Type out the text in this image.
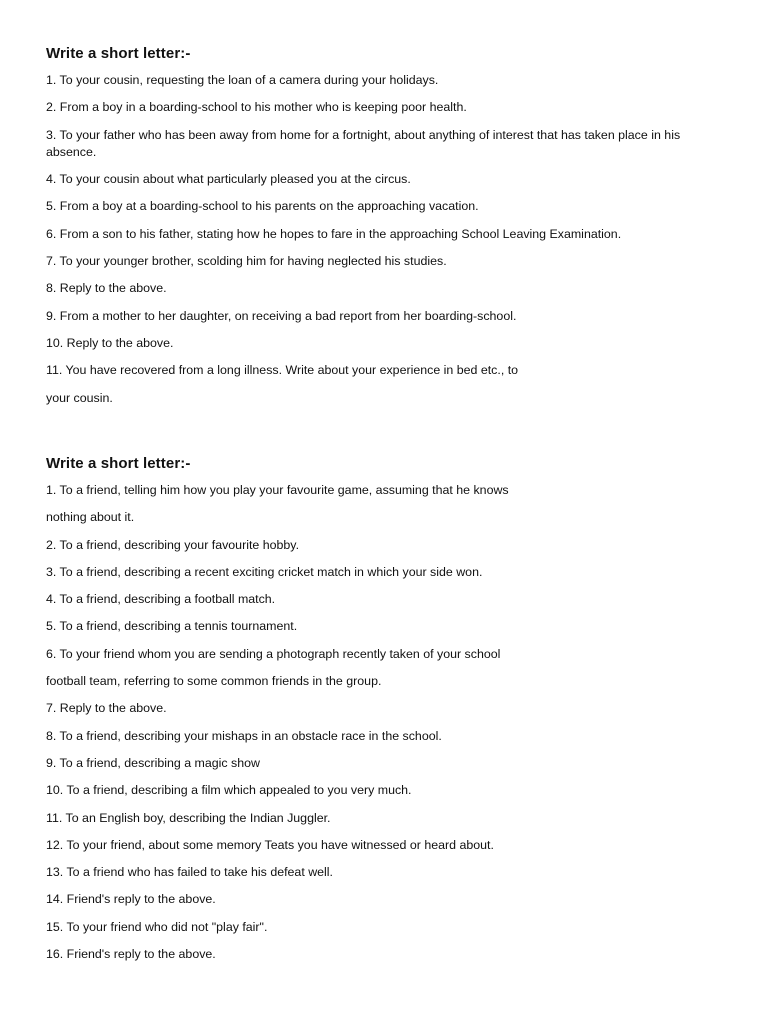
Write a short letter:-
1. To your cousin, requesting the loan of a camera during your holidays.
2. From a boy in a boarding-school to his mother who is keeping poor health.
3. To your father who has been away from home for a fortnight, about anything of interest that has taken place in his absence.
4. To your cousin about what particularly pleased you at the circus.
5. From a boy at a boarding-school to his parents on the approaching vacation.
6. From a son to his father, stating how he hopes to fare in the approaching School Leaving Examination.
7. To your younger brother, scolding him for having neglected his studies.
8. Reply to the above.
9. From a mother to her daughter, on receiving a bad report from her boarding-school.
10. Reply to the above.
11. You have recovered from a long illness. Write about your experience in bed etc., to
your cousin.
Write a short letter:-
1. To a friend, telling him how you play your favourite game, assuming that he knows
nothing about it.
2. To a friend, describing your favourite hobby.
3. To a friend, describing a recent exciting cricket match in which your side won.
4. To a friend, describing a football match.
5. To a friend, describing a tennis tournament.
6. To your friend whom you are sending a photograph recently taken of your school
football team, referring to some common friends in the group.
7. Reply to the above.
8. To a friend, describing your mishaps in an obstacle race in the school.
9. To a friend, describing a magic show
10. To a friend, describing a film which appealed to you very much.
11. To an English boy, describing the Indian Juggler.
12. To your friend, about some memory Teats you have witnessed or heard about.
13. To a friend who has failed to take his defeat well.
14. Friend's reply to the above.
15. To your friend who did not "play fair".
16. Friend's reply to the above.
